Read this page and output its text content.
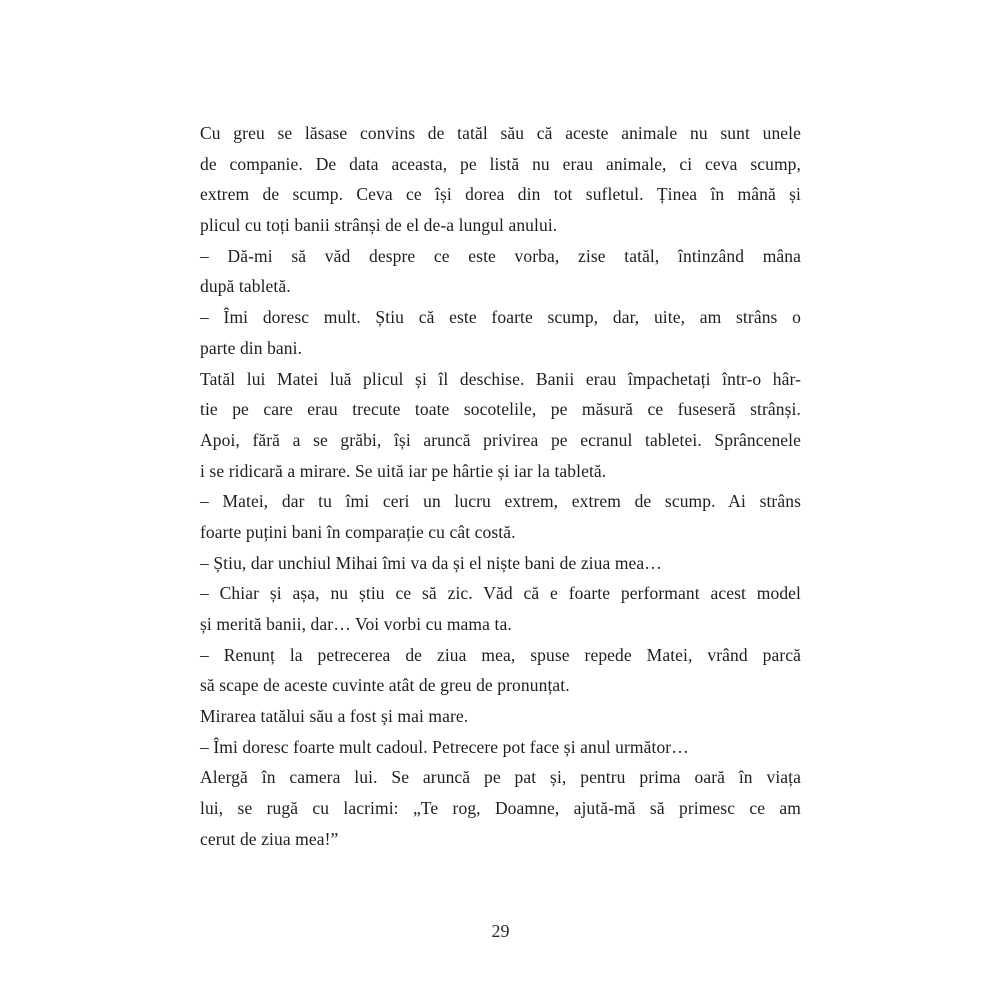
Cu greu se lăsase convins de tatăl său că aceste animale nu sunt unele
de companie. De data aceasta, pe listă nu erau animale, ci ceva scump,
extrem de scump. Ceva ce își dorea din tot sufletul. Ținea în mână și
plicul cu toți banii strânși de el de-a lungul anului.
– Dă-mi să văd despre ce este vorba, zise tatăl, întinzând mâna
după tabletă.
– Îmi doresc mult. Știu că este foarte scump, dar, uite, am strâns o
parte din bani.
Tatăl lui Matei luă plicul și îl deschise. Banii erau împachetați într-o hâr-
tie pe care erau trecute toate socotelile, pe măsură ce fuseseră strânși.
Apoi, fără a se grăbi, își aruncă privirea pe ecranul tabletei. Sprâncenele
i se ridicară a mirare. Se uită iar pe hârtie și iar la tabletă.
– Matei, dar tu îmi ceri un lucru extrem, extrem de scump. Ai strâns
foarte puțini bani în comparație cu cât costă.
– Știu, dar unchiul Mihai îmi va da și el niște bani de ziua mea…
– Chiar și așa, nu știu ce să zic. Văd că e foarte performant acest model
și merită banii, dar… Voi vorbi cu mama ta.
– Renunț la petrecerea de ziua mea, spuse repede Matei, vrând parcă
să scape de aceste cuvinte atât de greu de pronunțat.
Mirarea tatălui său a fost și mai mare.
– Îmi doresc foarte mult cadoul. Petrecere pot face și anul următor…
Alergă în camera lui. Se aruncă pe pat și, pentru prima oară în viața
lui, se rugă cu lacrimi: „Te rog, Doamne, ajută-mă să primesc ce am
cerut de ziua mea!”
29
